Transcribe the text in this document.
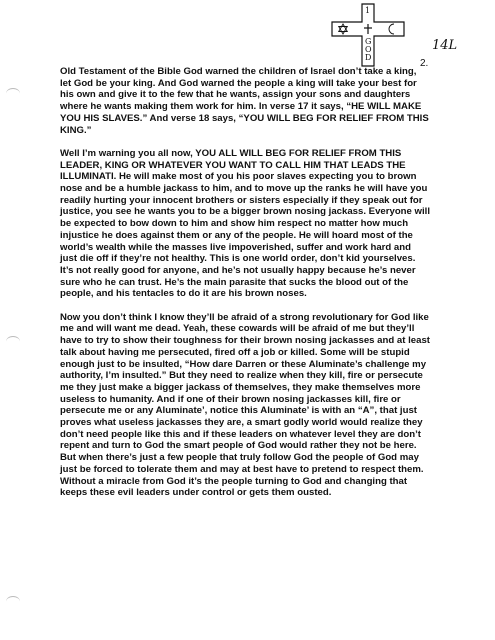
1
G
O
D
14L
2.

Old Testament of the Bible God warned the children of Israel don’t take a king,
let God be your king. And God warned the people a king will take your best for
his own and give it to the few that he wants, assign your sons and daughters
where he wants making them work for him. In verse 17 it says, “HE WILL MAKE
YOU HIS SLAVES.” And verse 18 says, “YOU WILL BEG FOR RELIEF FROM THIS
KING.”

Well I’m warning you all now, YOU ALL WILL BEG FOR RELIEF FROM THIS
LEADER, KING OR WHATEVER YOU WANT TO CALL HIM THAT LEADS THE
ILLUMINATI. He will make most of you his poor slaves expecting you to brown
nose and be a humble jackass to him, and to move up the ranks he will have you
readily hurting your innocent brothers or sisters especially if they speak out for
justice, you see he wants you to be a bigger brown nosing jackass. Everyone will
be expected to bow down to him and show him respect no matter how much
injustice he does against them or any of the people. He will hoard most of the
world’s wealth while the masses live impoverished, suffer and work hard and
just die off if they’re not healthy. This is one world order, don’t kid yourselves.
It’s not really good for anyone, and he’s not usually happy because he’s never
sure who he can trust. He’s the main parasite that sucks the blood out of the
people, and his tentacles to do it are his brown noses.

Now you don’t think I know they’ll be afraid of a strong revolutionary for God like
me and will want me dead. Yeah, these cowards will be afraid of me but they’ll
have to try to show their toughness for their brown nosing jackasses and at least
talk about having me persecuted, fired off a job or killed. Some will be stupid
enough just to be insulted, “How dare Darren or these Aluminate’s challenge my
authority, I’m insulted.” But they need to realize when they kill, fire or persecute
me they just make a bigger jackass of themselves, they make themselves more
useless to humanity. And if one of their brown nosing jackasses kill, fire or
persecute me or any Aluminate’, notice this Aluminate’ is with an “A”, that just
proves what useless jackasses they are, a smart godly world would realize they
don’t need people like this and if these leaders on whatever level they are don’t
repent and turn to God the smart people of God would rather they not be here.
But when there’s just a few people that truly follow God the people of God may
just be forced to tolerate them and may at best have to pretend to respect them.
Without a miracle from God it’s the people turning to God and changing that
keeps these evil leaders under control or gets them ousted.
